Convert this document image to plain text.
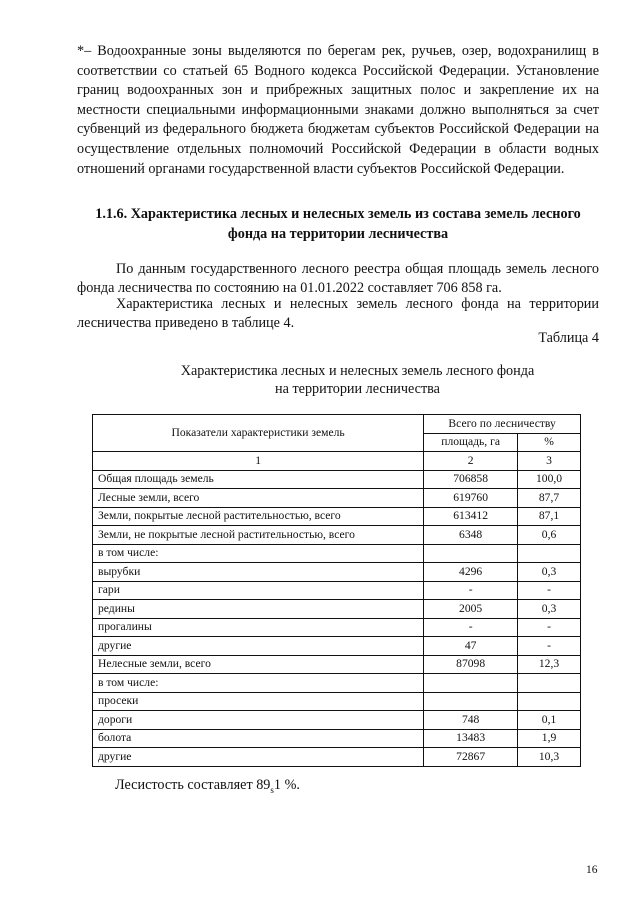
*– Водоохранные зоны выделяются по берегам рек, ручьев, озер, водохранилищ в соответствии со статьей 65 Водного кодекса Российской Федерации. Установление границ водоохранных зон и прибрежных защитных полос и закрепление их на местности специальными информационными знаками должно выполняться за счет субвенций из федерального бюджета бюджетам субъектов Российской Федерации на осуществление отдельных полномочий Российской Федерации в области водных отношений органами государственной власти субъектов Российской Федерации.
1.1.6. Характеристика лесных и нелесных земель из состава земель лесного
фонда на территории лесничества
По данным государственного лесного реестра общая площадь земель лесного фонда лесничества по состоянию на 01.01.2022 составляет 706 858 га.
Характеристика лесных и нелесных земель лесного фонда на территории лесничества приведено в таблице 4.
Таблица 4
Характеристика лесных и нелесных земель лесного фонда
на территории лесничества
Показатели характеристики земель	Всего по лесничеству	
	площадь, га	%
1	2	3
Общая площадь земель	706858	100,0
Лесные земли, всего	619760	87,7
Земли, покрытые лесной растительностью, всего	613412	87,1
Земли, не покрытые лесной растительностью, всего	6348	0,6
в том числе:		
вырубки	4296	0,3
гари	-	-
редины	2005	0,3
прогалины	-	-
другие	47	-
Нелесные земли, всего	87098	12,3
в том числе:		
просеки		
дороги	748	0,1
болота	13483	1,9
другие	72867	10,3
Лесистость составляет $89_s1$ %.
16
